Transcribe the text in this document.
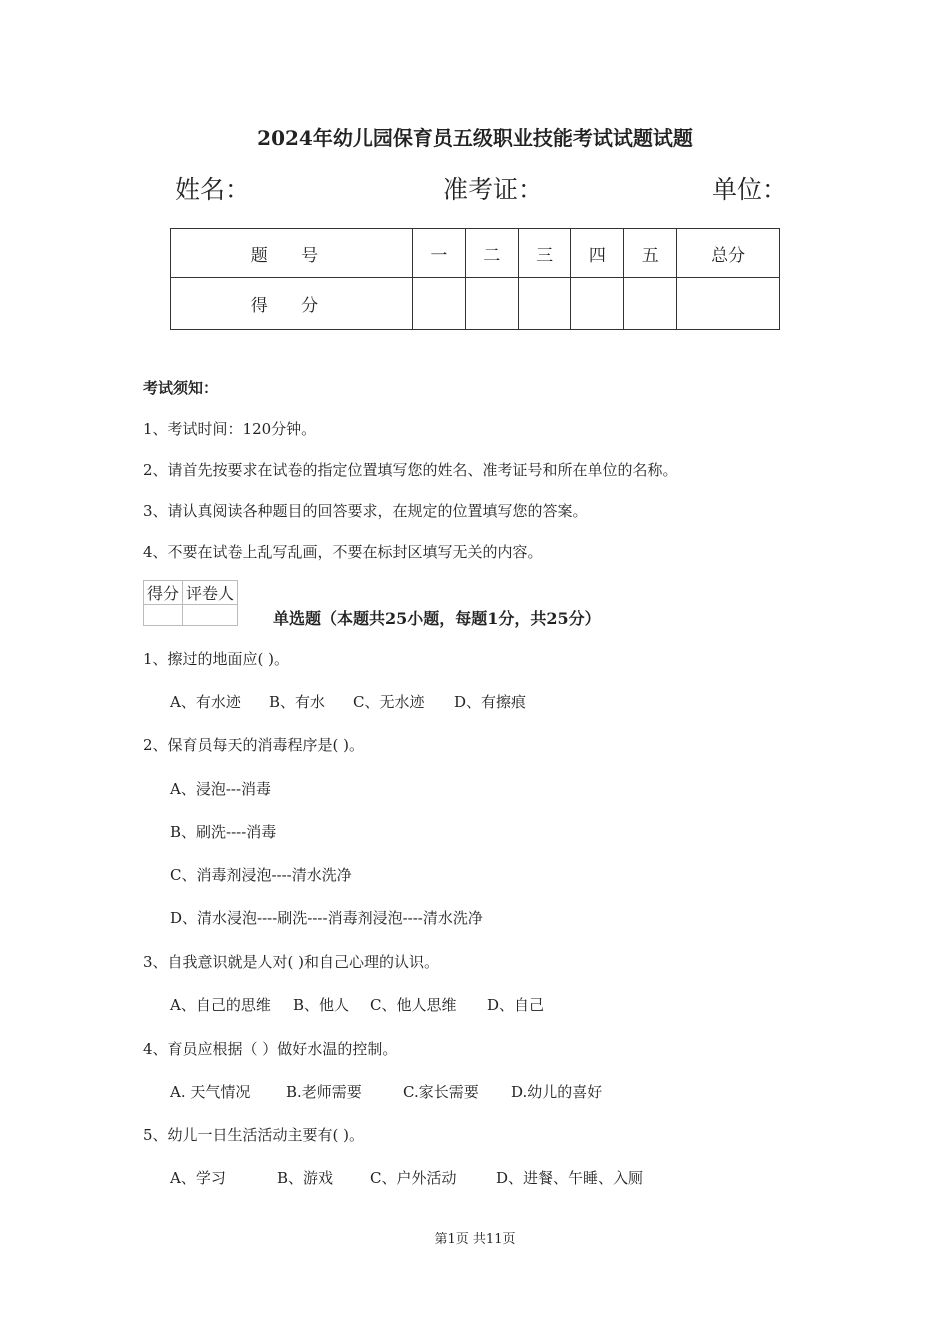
2024年幼儿园保育员五级职业技能考试试题试题
姓名：	准考证：	单位：
题 号	一	二	三	四	五	总分
得 分						
考试须知：
1、考试时间：120分钟。
2、请首先按要求在试卷的指定位置填写您的姓名、准考证号和所在单位的名称。
3、请认真阅读各种题目的回答要求，在规定的位置填写您的答案。
4、不要在试卷上乱写乱画，不要在标封区填写无关的内容。
得分	评卷人

单选题（本题共25小题，每题1分，共25分）
1、擦过的地面应( )。
A、有水迹 B、有水 C、无水迹 D、有擦痕
2、保育员每天的消毒程序是( )。
A、浸泡---消毒
B、刷洗----消毒
C、消毒剂浸泡----清水洗净
D、清水浸泡----刷洗----消毒剂浸泡----清水洗净
3、自我意识就是人对( )和自己心理的认识。
A、自己的思维 B、他人 C、他人思维 D、自己
4、育员应根据（ ）做好水温的控制。
A. 天气情况 B.老师需要	C.家长需要 D.幼儿的喜好
5、幼儿一日生活活动主要有( )。
A、学习	B、游戏 C、户外活动	D、进餐、午睡、入厕
第1页 共11页
